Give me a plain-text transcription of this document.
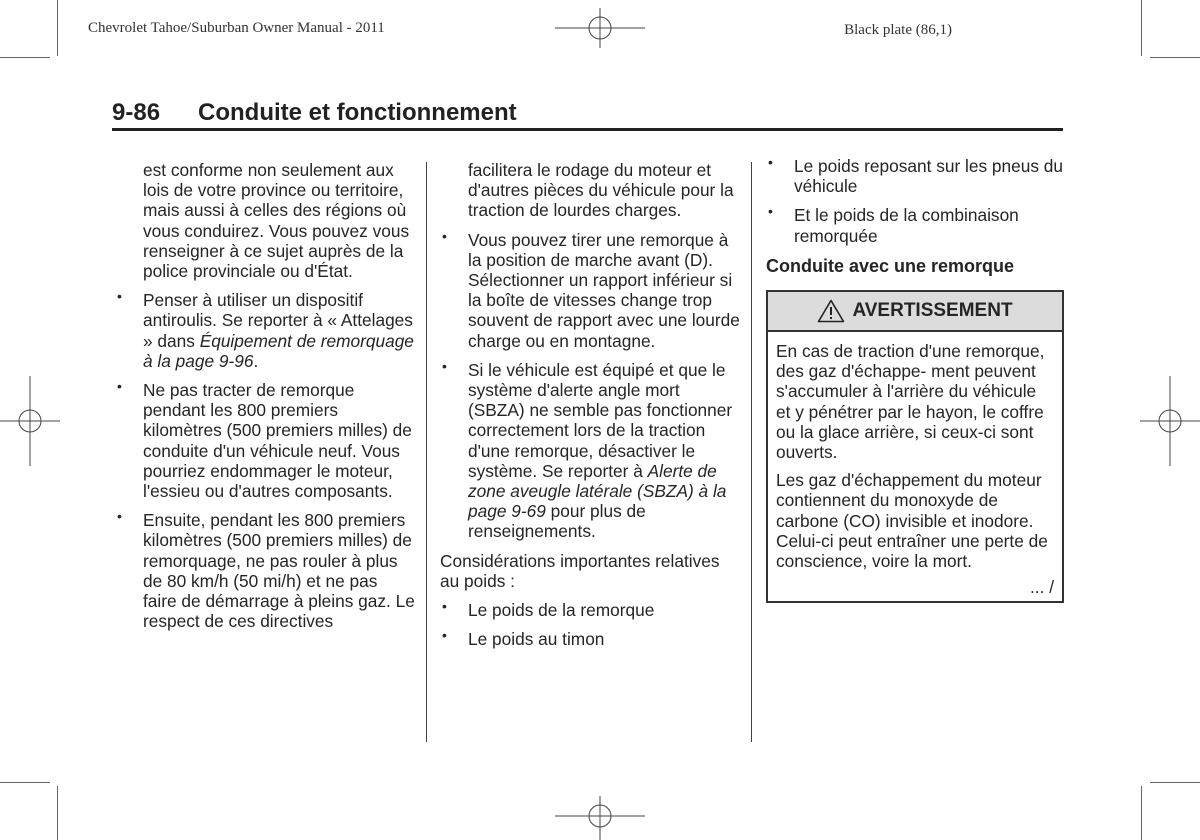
Chevrolet Tahoe/Suburban Owner Manual - 2011	Black plate (86,1)
9-86 Conduite et fonctionnement

est conforme non seulement aux lois de votre province ou territoire, mais aussi à celles des régions où vous conduirez. Vous pouvez vous renseigner à ce sujet auprès de la police provinciale ou d'État.

• Penser à utiliser un dispositif antiroulis. Se reporter à « Attelages » dans Équipement de remorquage à la page 9-96.
• Ne pas tracter de remorque pendant les 800 premiers kilomètres (500 premiers milles) de conduite d'un véhicule neuf. Vous pourriez endommager le moteur, l'essieu ou d'autres composants.
• Ensuite, pendant les 800 premiers kilomètres (500 premiers milles) de remorquage, ne pas rouler à plus de 80 km/h (50 mi/h) et ne pas faire de démarrage à pleins gaz. Le respect de ces directives

facilitera le rodage du moteur et d'autres pièces du véhicule pour la traction de lourdes charges.

• Vous pouvez tirer une remorque à la position de marche avant (D). Sélectionner un rapport inférieur si la boîte de vitesses change trop souvent de rapport avec une lourde charge ou en montagne.
• Si le véhicule est équipé et que le système d'alerte angle mort (SBZA) ne semble pas fonctionner correctement lors de la traction d'une remorque, désactiver le système. Se reporter à Alerte de zone aveugle latérale (SBZA) à la page 9-69 pour plus de renseignements.

Considérations importantes relatives au poids :

• Le poids de la remorque
• Le poids au timon
• Le poids reposant sur les pneus du véhicule
• Et le poids de la combinaison remorquée
Conduite avec une remorque
AVERTISSEMENT

En cas de traction d'une remorque, des gaz d'échappe- ment peuvent s'accumuler à l'arrière du véhicule et y pénétrer par le hayon, le coffre ou la glace arrière, si ceux-ci sont ouverts.

Les gaz d'échappement du moteur contiennent du monoxyde de carbone (CO) invisible et inodore. Celui-ci peut entraîner une perte de conscience, voire la mort.

... /
